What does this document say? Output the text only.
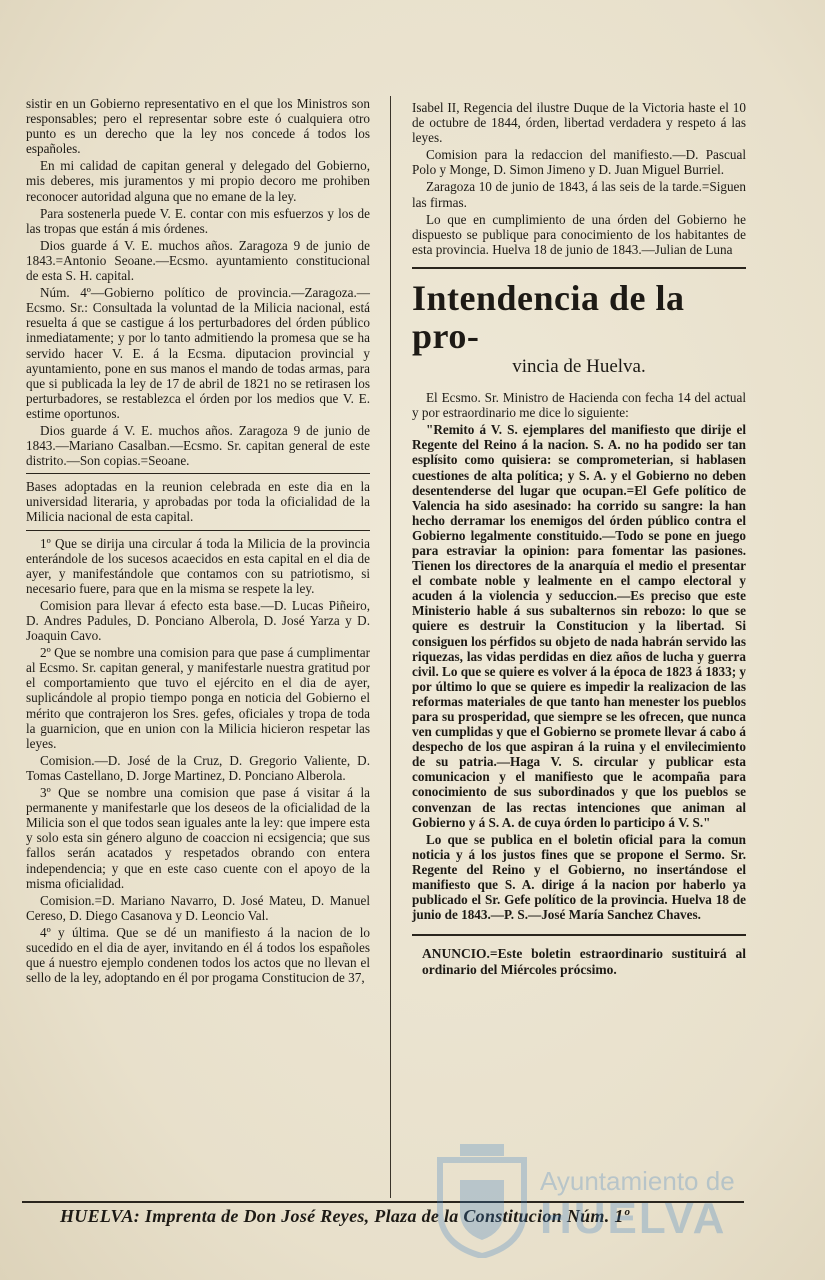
sistir en un Gobierno representativo en el que los Ministros son responsables; pero el representar sobre este ó cualquiera otro punto es un derecho que la ley nos concede á todos los españoles.

En mi calidad de capitan general y delegado del Gobierno, mis deberes, mis juramentos y mi propio decoro me prohiben reconocer autoridad alguna que no emane de la ley.

Para sostenerla puede V. E. contar con mis esfuerzos y los de las tropas que están á mis órdenes.

Dios guarde á V. E. muchos años. Zaragoza 9 de junio de 1843.=Antonio Seoane.—Ecsmo. ayuntamiento constitucional de esta S. H. capital.

Núm. 4º—Gobierno político de provincia.—Zaragoza.—Ecsmo. Sr.: Consultada la voluntad de la Milicia nacional, está resuelta á que se castigue á los perturbadores del órden público inmediatamente; y por lo tanto admitiendo la promesa que se ha servido hacer V. E. á la Ecsma. diputacion provincial y ayuntamiento, pone en sus manos el mando de todas armas, para que si publicada la ley de 17 de abril de 1821 no se retirasen los perturbadores, se restablezca el órden por los medios que V. E. estime oportunos.

Dios guarde á V. E. muchos años. Zaragoza 9 de junio de 1843.—Mariano Casalban.—Ecsmo. Sr. capitan general de este distrito.—Son copias.=Seoane.

Bases adoptadas en la reunion celebrada en este dia en la universidad literaria, y aprobadas por toda la oficialidad de la Milicia nacional de esta capital.

1º Que se dirija una circular á toda la Milicia de la provincia enterándole de los sucesos acaecidos en esta capital en el dia de ayer, y manifestándole que contamos con su patriotismo, si necesario fuere, para que en la misma se respete la ley.

Comision para llevar á efecto esta base.—D. Lucas Piñeiro, D. Andres Padules, D. Ponciano Alberola, D. José Yarza y D. Joaquin Cavo.

2º Que se nombre una comision para que pase á cumplimentar al Ecsmo. Sr. capitan general, y manifestarle nuestra gratitud por el comportamiento que tuvo el ejército en el dia de ayer, suplicándole al propio tiempo ponga en noticia del Gobierno el mérito que contrajeron los Sres. gefes, oficiales y tropa de toda la guarnicion, que en union con la Milicia hicieron respetar las leyes.

Comision.—D. José de la Cruz, D. Gregorio Valiente, D. Tomas Castellano, D. Jorge Martinez, D. Ponciano Alberola.

3º Que se nombre una comision que pase á visitar á la permanente y manifestarle que los deseos de la oficialidad de la Milicia son el que todos sean iguales ante la ley: que impere esta y solo esta sin género alguno de coaccion ni ecsigencia; que sus fallos serán acatados y respetados obrando con entera independencia; y que en este caso cuente con el apoyo de la misma oficialidad.

Comision.=D. Mariano Navarro, D. José Mateu, D. Manuel Cereso, D. Diego Casanova y D. Leoncio Val.

4º y última. Que se dé un manifiesto á la nacion de lo sucedido en el dia de ayer, invitando en él á todos los españoles que á nuestro ejemplo condenen todos los actos que no llevan el sello de la ley, adoptando en él por progama Constitucion de 37,

Isabel II, Regencia del ilustre Duque de la Victoria haste el 10 de octubre de 1844, órden, libertad verdadera y respeto á las leyes.

Comision para la redaccion del manifiesto.—D. Pascual Polo y Monge, D. Simon Jimeno y D. Juan Miguel Burriel.

Zaragoza 10 de junio de 1843, á las seis de la tarde.=Siguen las firmas.

Lo que en cumplimiento de una órden del Gobierno he dispuesto se publique para conocimiento de los habitantes de esta provincia. Huelva 18 de junio de 1843.—Julian de Luna

Intendencia de la pro-
vincia de Huelva.

El Ecsmo. Sr. Ministro de Hacienda con fecha 14 del actual y por estraordinario me dice lo siguiente:

"Remito á V. S. ejemplares del manifiesto que dirije el Regente del Reino á la nacion. S. A. no ha podido ser tan esplísito como quisiera: se comprometerian, si hablasen cuestiones de alta política; y S. A. y el Gobierno no deben desentenderse del lugar que ocupan.=El Gefe político de Valencia ha sido asesinado: ha corrido su sangre: la han hecho derramar los enemigos del órden público contra el Gobierno legalmente constituido.—Todo se pone en juego para estraviar la opinion: para fomentar las pasiones. Tienen los directores de la anarquía el medio el presentar el combate noble y lealmente en el campo electoral y acuden á la violencia y seduccion.—Es preciso que este Ministerio hable á sus subalternos sin rebozo: lo que se quiere es destruir la Constitucion y la libertad. Si consiguen los pérfidos su objeto de nada habrán servido las riquezas, las vidas perdidas en diez años de lucha y guerra civil. Lo que se quiere es volver á la época de 1823 á 1833; y por último lo que se quiere es impedir la realizacion de las reformas materiales de que tanto han menester los pueblos para su prosperidad, que siempre se les ofrecen, que nunca ven cumplidas y que el Gobierno se promete llevar á cabo á despecho de los que aspiran á la ruina y el envilecimiento de su patria.—Haga V. S. circular y publicar esta comunicacion y el manifiesto que le acompaña para conocimiento de sus subordinados y que los pueblos se convenzan de las rectas intenciones que animan al Gobierno y á S. A. de cuya órden lo participo á V. S."

Lo que se publica en el boletin oficial para la comun noticia y á los justos fines que se propone el Sermo. Sr. Regente del Reino y el Gobierno, no insertándose el manifiesto que S. A. dirige á la nacion por haberlo ya publicado el Sr. Gefe político de la provincia. Huelva 18 de junio de 1843.—P. S.—José María Sanchez Chaves.

ANUNCIO.=Este boletin estraordinario sustituirá al ordinario del Miércoles prócsimo.
HUELVA: Imprenta de Don José Reyes, Plaza de la Constitucion Núm. 1º
Ayuntamiento de
HUELVA
